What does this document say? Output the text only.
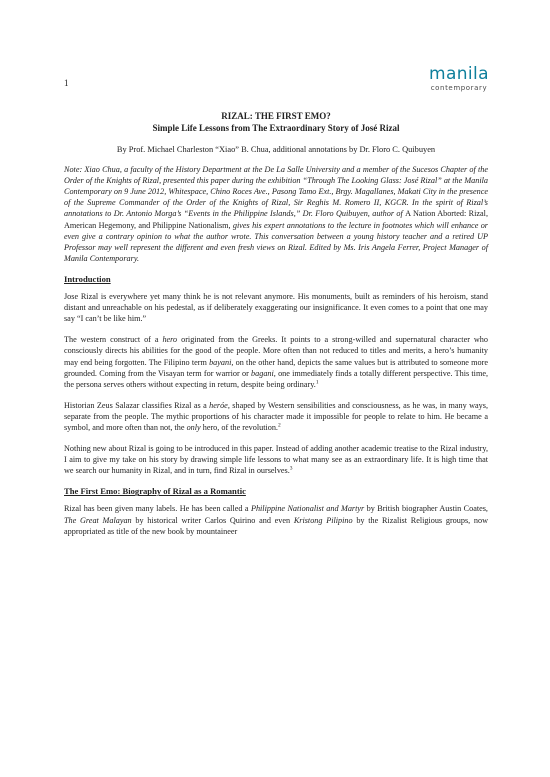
1	manila
contemporary
RIZAL: THE FIRST EMO?
Simple Life Lessons from The Extraordinary Story of José Rizal
By Prof. Michael Charleston “Xiao” B. Chua, additional annotations by Dr. Floro C. Quibuyen
Note: Xiao Chua, a faculty of the History Department at the De La Salle University and a member of the Sucesos Chapter of the Order of the Knights of Rizal, presented this paper during the exhibition “Through The Looking Glass: José Rizal” at the Manila Contemporary on 9 June 2012, Whitespace, Chino Roces Ave., Pasong Tamo Ext., Brgy. Magallanes, Makati City in the presence of the Supreme Commander of the Order of the Knights of Rizal, Sir Reghis M. Romero II, KGCR. In the spirit of Rizal’s annotations to Dr. Antonio Morga’s “Events in the Philippine Islands,” Dr. Floro Quibuyen, author of A Nation Aborted: Rizal, American Hegemony, and Philippine Nationalism, gives his expert annotations to the lecture in footnotes which will enhance or even give a contrary opinion to what the author wrote. This conversation between a young history teacher and a retired UP Professor may well represent the different and even fresh views on Rizal. Edited by Ms. Iris Angela Ferrer, Project Manager of Manila Contemporary.
Introduction

Jose Rizal is everywhere yet many think he is not relevant anymore. His monuments, built as reminders of his heroism, stand distant and unreachable on his pedestal, as if deliberately exaggerating our insignificance. It even comes to a point that one may say “I can’t be like him.”

The western construct of a hero originated from the Greeks. It points to a strong-willed and supernatural character who consciously directs his abilities for the good of the people. More often than not reduced to titles and merits, a hero’s humanity may end being forgotten. The Filipino term bayani, on the other hand, depicts the same values but is attributed to someone more grounded. Coming from the Visayan term for warrior or bagani, one immediately finds a totally different perspective. This time, the persona serves others without expecting in return, despite being ordinary.$^1$

Historian Zeus Salazar classifies Rizal as a heróe, shaped by Western sensibilities and consciousness, as he was, in many ways, separate from the people. The mythic proportions of his character made it impossible for people to relate to him. He became a symbol, and more often than not, the only hero, of the revolution.$^2$

Nothing new about Rizal is going to be introduced in this paper. Instead of adding another academic treatise to the Rizal industry, I aim to give my take on his story by drawing simple life lessons to what many see as an extraordinary life. It is high time that we search our humanity in Rizal, and in turn, find Rizal in ourselves.$^3$

The First Emo: Biography of Rizal as a Romantic

Rizal has been given many labels. He has been called a Philippine Nationalist and Martyr by British biographer Austin Coates, The Great Malayan by historical writer Carlos Quirino and even Kristong Pilipino by the Rizalist Religious groups, now appropriated as title of the new book by mountaineer
